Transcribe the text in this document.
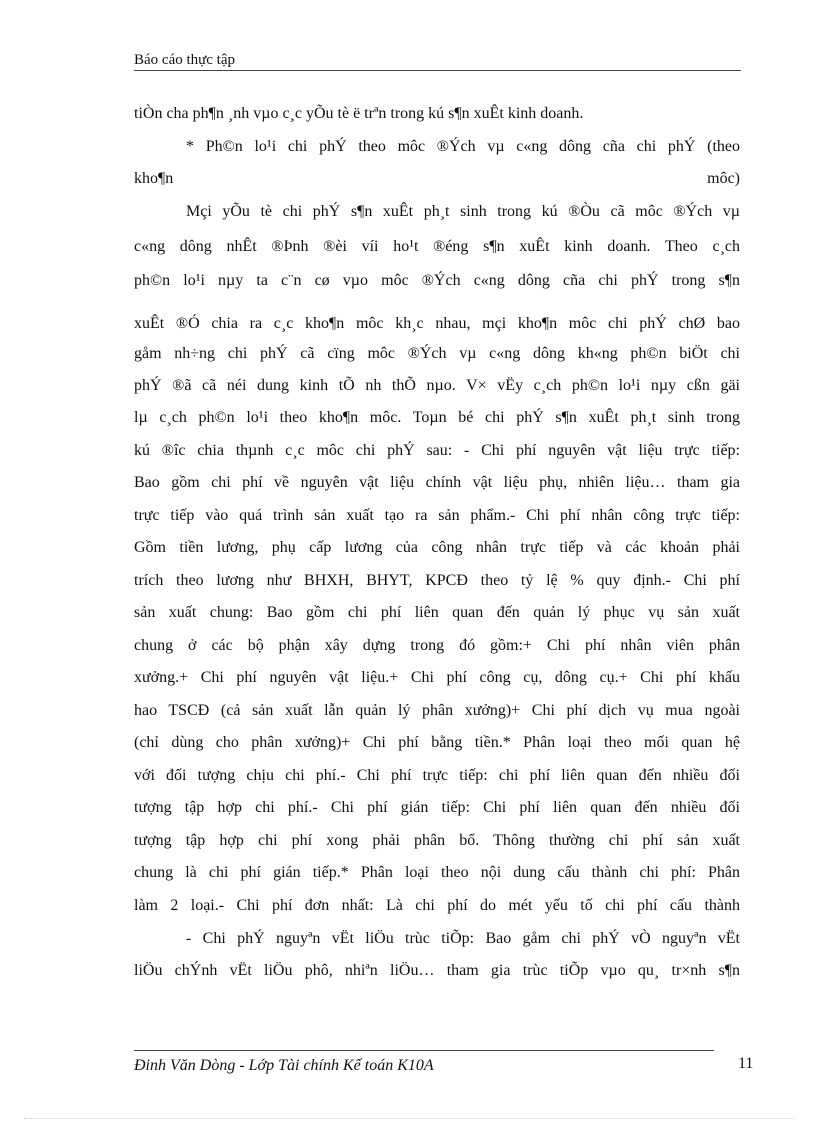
Báo cáo thực tập
tiÒn cha ph¶n ¸nh vµo c¸c yÕu tè ë trªn trong kú s¶n xuÊt kinh doanh.
* Ph©n lo¹i chi phÝ theo môc ®Ých vµ c«ng dông cña chi phÝ (theo
kho¶n	môc)
Mçi yÕu tè chi phÝ s¶n xuÊt ph¸t sinh trong kú ®Òu cã môc ®Ých vµ
c«ng dông nhÊt ®Þnh ®èi víi ho¹t ®éng s¶n xuÊt kinh doanh. Theo c¸ch
ph©n lo¹i nµy ta c¨n cø vµo môc ®Ých c«ng dông cña chi phÝ trong s¶n
xuÊt ®Ó chia ra c¸c kho¶n môc kh¸c nhau, mçi kho¶n môc chi phÝ chØ bao
gåm nh÷ng chi phÝ cã cïng môc ®Ých vµ c«ng dông kh«ng ph©n biÖt chi
phÝ ®ã cã néi dung kinh tÕ nh thÕ nµo. V× vËy c¸ch ph©n lo¹i nµy cßn gäi
lµ c¸ch ph©n lo¹i theo kho¶n môc. Toµn bé chi phÝ s¶n xuÊt ph¸t sinh trong
kú ®îc chia thµnh c¸c môc chi phÝ sau: - Chi phí nguyên vật liệu trực tiếp:
Bao gồm chi phí về nguyên vật liệu chính vật liệu phụ, nhiên liệu… tham gia
trực tiếp vào quá trình sản xuất tạo ra sản phẩm.- Chi phí nhân công trực tiếp:
Gồm tiền lương, phụ cấp lương của công nhân trực tiếp và các khoản phải
trích theo lương như BHXH, BHYT, KPCĐ theo tỷ lệ % quy định.- Chi phí
sản xuất chung: Bao gồm chi phí liên quan đến quản lý phục vụ sản xuất
chung ở các bộ phận xây dựng trong đó gồm:+ Chi phí nhân viên phân
xưởng.+ Chi phí nguyên vật liệu.+ Chi phí công cụ, dông cụ.+ Chi phí khấu
hao TSCĐ (cả sản xuất lẫn quản lý phân xưởng)+ Chi phí dịch vụ mua ngoài
(chỉ dùng cho phân xưởng)+ Chi phí bằng tiền.* Phân loại theo mối quan hệ
với đối tượng chịu chi phí.- Chi phí trực tiếp: chi phí liên quan đến nhiều đối
tượng tập hợp chi phí.- Chi phí gián tiếp: Chi phí liên quan đến nhiều đối
tượng tập hợp chi phí xong phải phân bổ. Thông thường chi phí sản xuất
chung là chi phí gián tiếp.* Phân loại theo nội dung cấu thành chi phí: Phân
làm 2 loại.- Chi phí đơn nhất: Là chi phí do mét yếu tố chi phí cấu thành
- Chi phÝ nguyªn vËt liÖu trùc tiÕp: Bao gåm chi phÝ vÒ nguyªn vËt
liÖu chÝnh vËt liÖu phô, nhiªn liÖu… tham gia trùc tiÕp vµo qu¸ tr×nh s¶n
Đinh Văn Dòng - Lớp Tài chính Kế toán K10A	11
